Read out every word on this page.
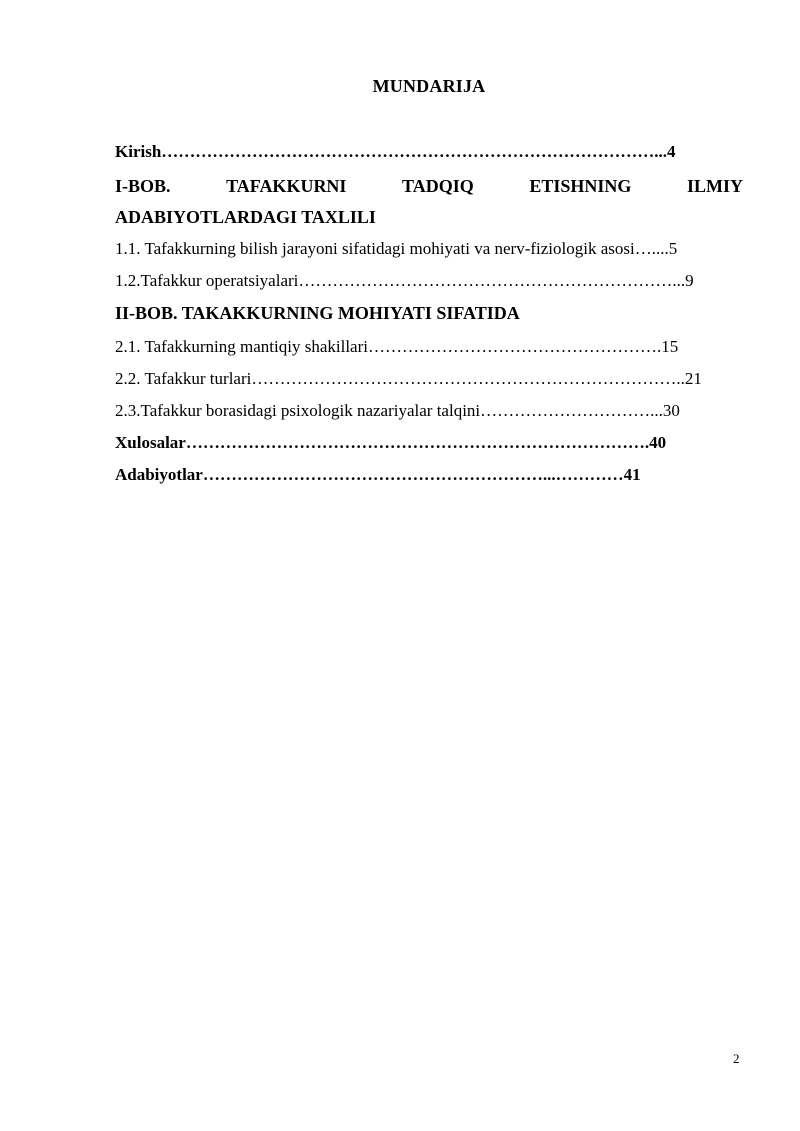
MUNDARIJA
Kirish……………………………………………………………………………...4
I-BOB.	TAFAKKURNI	TADQIQ	ETISHNING	ILMIY
ADABIYOTLARDAGI TAXLILI
1.1. Tafakkurning bilish jarayoni sifatidagi mohiyati va nerv-fiziologik asosi…....5
1.2.Tafakkur operatsiyalari…………………………………………………………...9
II-BOB. TAKAKKURNING MOHIYATI SIFATIDA
2.1. Tafakkurning mantiqiy shakillari…………………………………………….15
2.2. Tafakkur turlari…………………………………………………………………..21
2.3.Tafakkur borasidagi psixologik nazariyalar talqini…………………………...30
Xulosalar……………………………………………………………………….40
Adabiyotlar……………………………………………………...…………41
2
